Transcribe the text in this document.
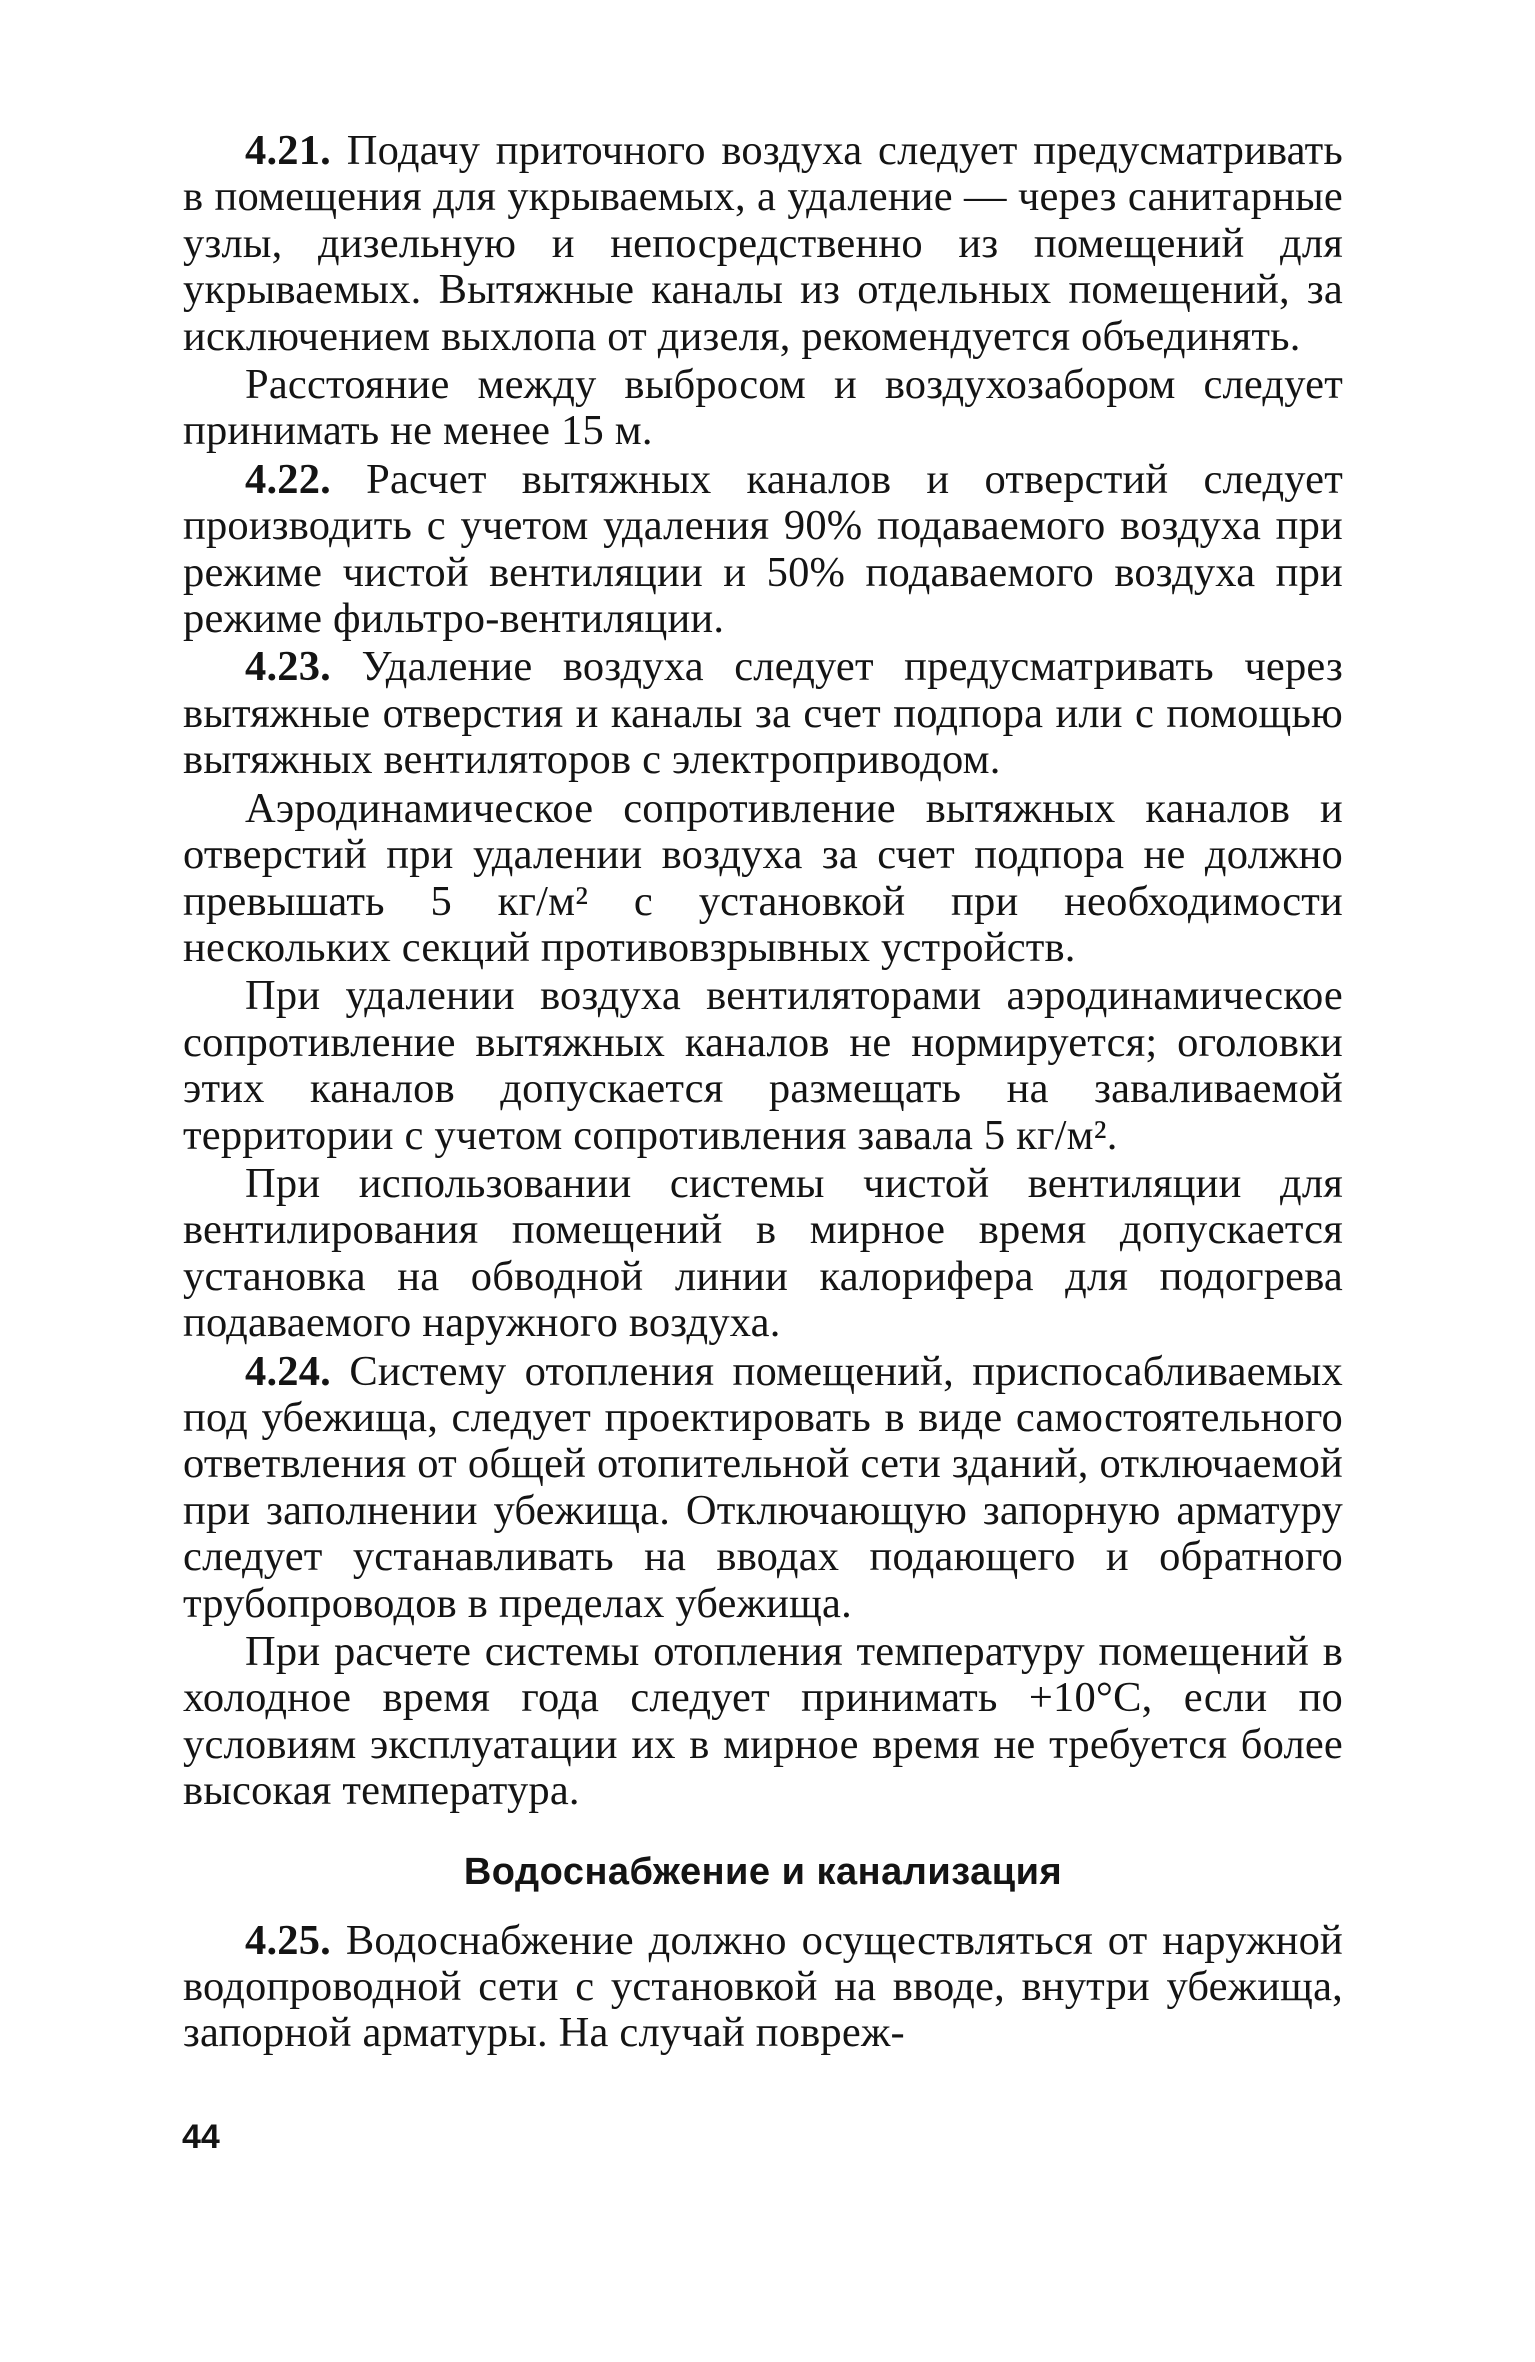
4.21. Подачу приточного воздуха следует предусматривать в помещения для укрываемых, а удаление — через санитарные узлы, дизельную и непосредственно из помещений для укрываемых. Вытяжные каналы из отдельных помещений, за исключением выхлопа от дизеля, рекомендуется объединять.

Расстояние между выбросом и воздухозабором следует принимать не менее 15 м.

4.22. Расчет вытяжных каналов и отверстий следует производить с учетом удаления 90% подаваемого воздуха при режиме чистой вентиляции и 50% подаваемого воздуха при режиме фильтро-вентиляции.

4.23. Удаление воздуха следует предусматривать через вытяжные отверстия и каналы за счет подпора или с помощью вытяжных вентиляторов с электроприводом.

Аэродинамическое сопротивление вытяжных каналов и отверстий при удалении воздуха за счет подпора не должно превышать 5 кг/м² с установкой при необходимости нескольких секций противовзрывных устройств.

При удалении воздуха вентиляторами аэродинамическое сопротивление вытяжных каналов не нормируется; оголовки этих каналов допускается размещать на заваливаемой территории с учетом сопротивления завала 5 кг/м².

При использовании системы чистой вентиляции для вентилирования помещений в мирное время допускается установка на обводной линии калорифера для подогрева подаваемого наружного воздуха.

4.24. Систему отопления помещений, приспосабливаемых под убежища, следует проектировать в виде самостоятельного ответвления от общей отопительной сети зданий, отключаемой при заполнении убежища. Отключающую запорную арматуру следует устанавливать на вводах подающего и обратного трубопроводов в пределах убежища.

При расчете системы отопления температуру помещений в холодное время года следует принимать +10°С, если по условиям эксплуатации их в мирное время не требуется более высокая температура.

Водоснабжение и канализация

4.25. Водоснабжение должно осуществляться от наружной водопроводной сети с установкой на вводе, внутри убежища, запорной арматуры. На случай повреж-

44
